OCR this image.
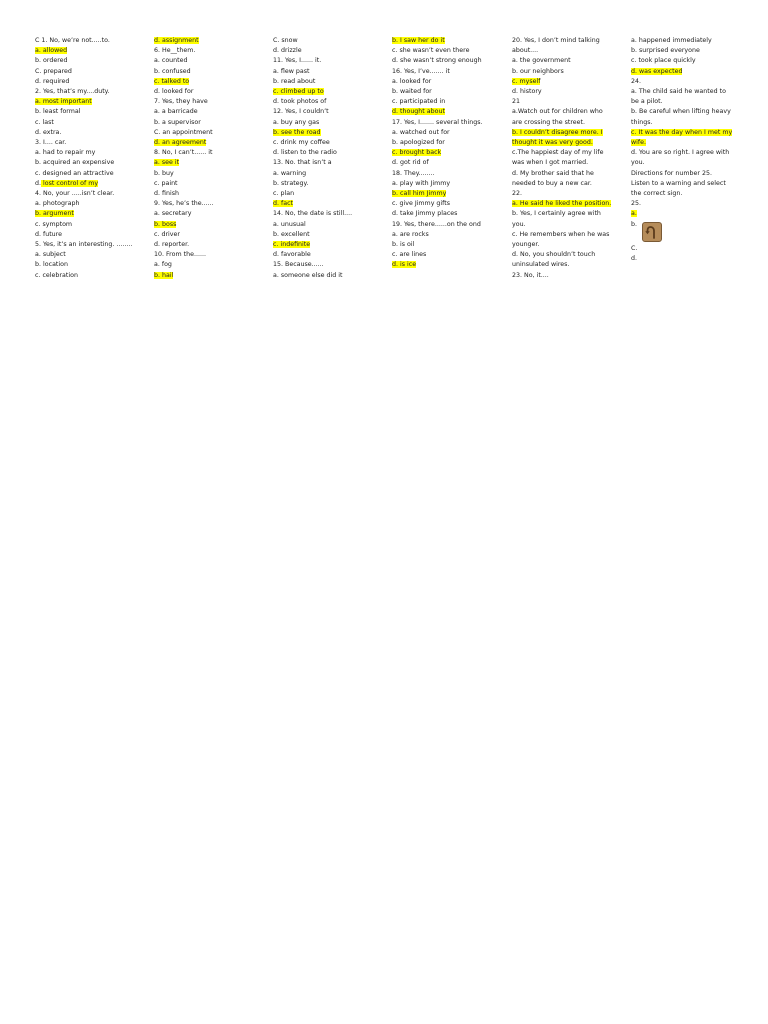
C 1. No, we’re not.....to.
a. allowed
b. ordered
C. prepared
d. required
2. Yes, that’s my....duty.
a. most important
b. least formal
c. last
d. extra.
3. I.... car.
a. had to repair my
b. acquired an expensive
c. designed an attractive
d. lost control of my
4. No, your .....isn’t clear.
a. photograph
b. argument
c. symptom
d. future
5. Yes, it’s an interesting. ........
a. subject
b. location
c. celebration
d. assignment
6. He__them.
a. counted
b. confused
c. talked to
d. looked for
7. Yes, they have
a. a barricade
b. a supervisor
C. an appointment
d. an agreement
8. No, I can’t...... it
a. see it
b. buy
c. paint
d. finish
9. Yes, he’s the......
a. secretary
b. boss
c. driver
d. reporter.
10. From the......
a. fog
b. hail
C. snow
d. drizzle
11. Yes, I...... it.
a. flew past
b. read about
c. climbed up to
d. took photos of
12. Yes, I couldn’t
a. buy any gas
b. see the road
c. drink my coffee
d. listen to the radio
13. No. that isn’t a
a. warning
b. strategy.
c. plan
d. fact
14. No, the date is still....
a. unusual
b. excellent
c. indefinite
d. favorable
15. Because......
a. someone else did it
b. I saw her do it
c. she wasn’t even there
d. she wasn’t strong enough
16. Yes, I’ve....... it
a. looked for
b. waited for
c. participated in
d. thought about
17. Yes, I....... several things.
a. watched out for
b. apologized for
c. brought back
d. got rid of
18. They........
a. play with Jimmy
b. call him Jimmy
c. give Jimmy gifts
d. take Jimmy places
19. Yes, there......on the ond
a. are rocks
b. is oil
c. are lines
d. is ice
20. Yes, I don’t mind talking
about....
a. the government
b. our neighbors
c. myself
d. history
21
a.Watch out for children who
are crossing the street.
b. I couldn’t disagree more. I
thought it was very good.
c.The happiest day of my life
was when I got married.
d. My brother said that he
needed to buy a new car.
22.
a. He said he liked the position.
b. Yes, I certainly agree with
you.
c. He remembers when he was
younger.
d. No, you shouldn’t touch
uninsulated wires.
23. No, it....
a. happened immediately
b. surprised everyone
c. took place quickly
d. was expected
24.
a. The child said he wanted to
be a pilot.
b. Be careful when lifting heavy
things.
c. It was the day when I met my
wife.
d. You are so right. I agree with
you.
Directions for number 25.
Listen to a warning and select
the correct sign.
25.
a.
b.
C.
d.
